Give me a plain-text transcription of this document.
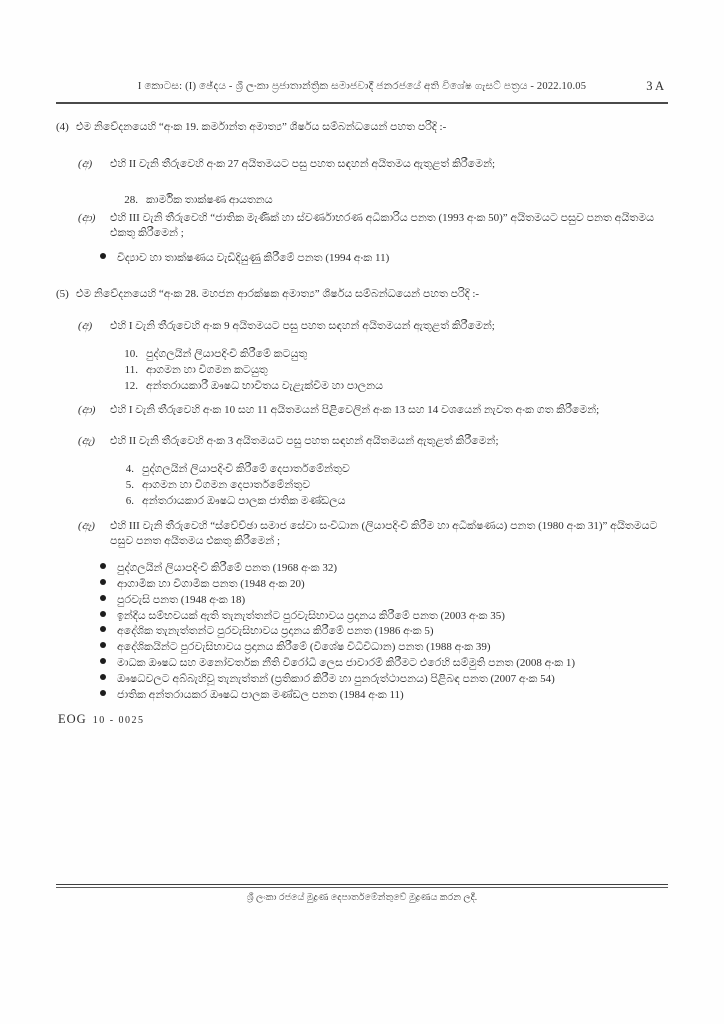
I කොටස: (I) ඡේදය - ශ්‍රී ලංකා ප්‍රජාතාන්ත්‍රික සමාජවාදී ජනරජයේ අති විශේෂ ගැසට් පත්‍රය - 2022.10.05	3 A
(4) එම නිවේදනයෙහි “අංක 19. කර්මාන්ත අමාත්‍ය” ශීර්ෂය සම්බන්ධයෙන් පහත පරිදි :-
(අ)	එහි II වැනි තීරුවෙහි අංක 27 අයිතමයට පසු පහත සඳහන් අයිතමය ඇතුළත් කිරීමෙන්;
28. කාර්මික තාක්ෂණ ආයතනය
(ආ)	එහි III වැනි තීරුවෙහි “ජාතික මැණික් හා ස්වර්ණාභරණ අධිකාරිය පනත (1993 අංක 50)” අයිතමයට පසුව පනත අයිතමය එකතු කිරීමෙන් ;
විද්‍යාව හා තාක්ෂණය වැඩිදියුණු කිරීමේ පනත (1994 අංක 11)
(5) එම නිවේදනයෙහි “අංක 28. මහජන ආරක්ෂක අමාත්‍ය” ශීර්ෂය සම්බන්ධයෙන් පහත පරිදි :-
(අ)	එහි I වැනි තීරුවෙහි අංක 9 අයිතමයට පසු පහත සඳහන් අයිතමයන් ඇතුළත් කිරීමෙන්;
10. පුද්ගලයින් ලියාපදිංචි කිරීමේ කටයුතු
11. ආගමන හා විගමන කටයුතු
12. අන්තරායකාරී ඖෂධ භාවිතය වැළැක්වීම හා පාලනය
(ආ)	එහි I වැනි තීරුවෙහි අංක 10 සහ 11 අයිතමයන් පිළිවෙලින් අංක 13 සහ 14 වශයෙන් නැවත අංක ගත කිරීමෙන්;
(ඇ)	එහි II වැනි තීරුවෙහි අංක 3 අයිතමයට පසු පහත සඳහන් අයිතමයන් ඇතුළත් කිරීමෙන්;
4. පුද්ගලයින් ලියාපදිංචි කිරීමේ දෙපාර්තමේන්තුව
5. ආගමන හා විගමන දෙපාර්තමේන්තුව
6. අන්තරායකාර ඖෂධ පාලක ජාතික මණ්ඩලය
(ඈ)	එහි III වැනි තීරුවෙහි “ස්වේච්ඡා සමාජ සේවා සංවිධාන (ලියාපදිංචි කිරීම හා අධීක්ෂණය) පනත (1980 අංක 31)” අයිතමයට පසුව පනත අයිතමය එකතු කිරීමෙන් ;
පුද්ගලයින් ලියාපදිංචි කිරීමේ පනත (1968 අංක 32)
ආගාමික හා විගාමික පනත (1948 අංක 20)
පුරවැසි පනත (1948 අංක 18)
ඉන්දීය සම්භවයක් ඇති තැනැත්තන්ට පුරවැසිභාවය ප්‍රදානය කිරීමේ පනත (2003 අංක 35)
අදේශික තැනැත්තන්ට පුරවැසිභාවය ප්‍රදානය කිරීමේ පනත (1986 අංක 5)
අදේශිකයින්ට පුරවැසිභාවය ප්‍රදානය කිරීමේ (විශේෂ විධිවිධාන) පනත (1988 අංක 39)
මාධක ඖෂධ සහ මනෝවර්තක නීති විරෝධී ලෙස ජාවාරම් කිරීමට එරෙහි සම්මුති පනත (2008 අංක 1)
ඖෂධවලට අබ්බැහිවූ තැනැත්තන් (ප්‍රතිකාර කිරීම හා පුනරුත්ථාපනය) පිළිබඳ පනත (2007 අංක 54)
ජාතික අන්තරායකර ඖෂධ පාලක මණ්ඩල පනත (1984 අංක 11)
EOG 10 - 0025
ශ්‍රී ලංකා රජයේ මුද්‍රණ දෙපාර්තමේන්තුවේ මුද්‍රණය කරන ලදී.
